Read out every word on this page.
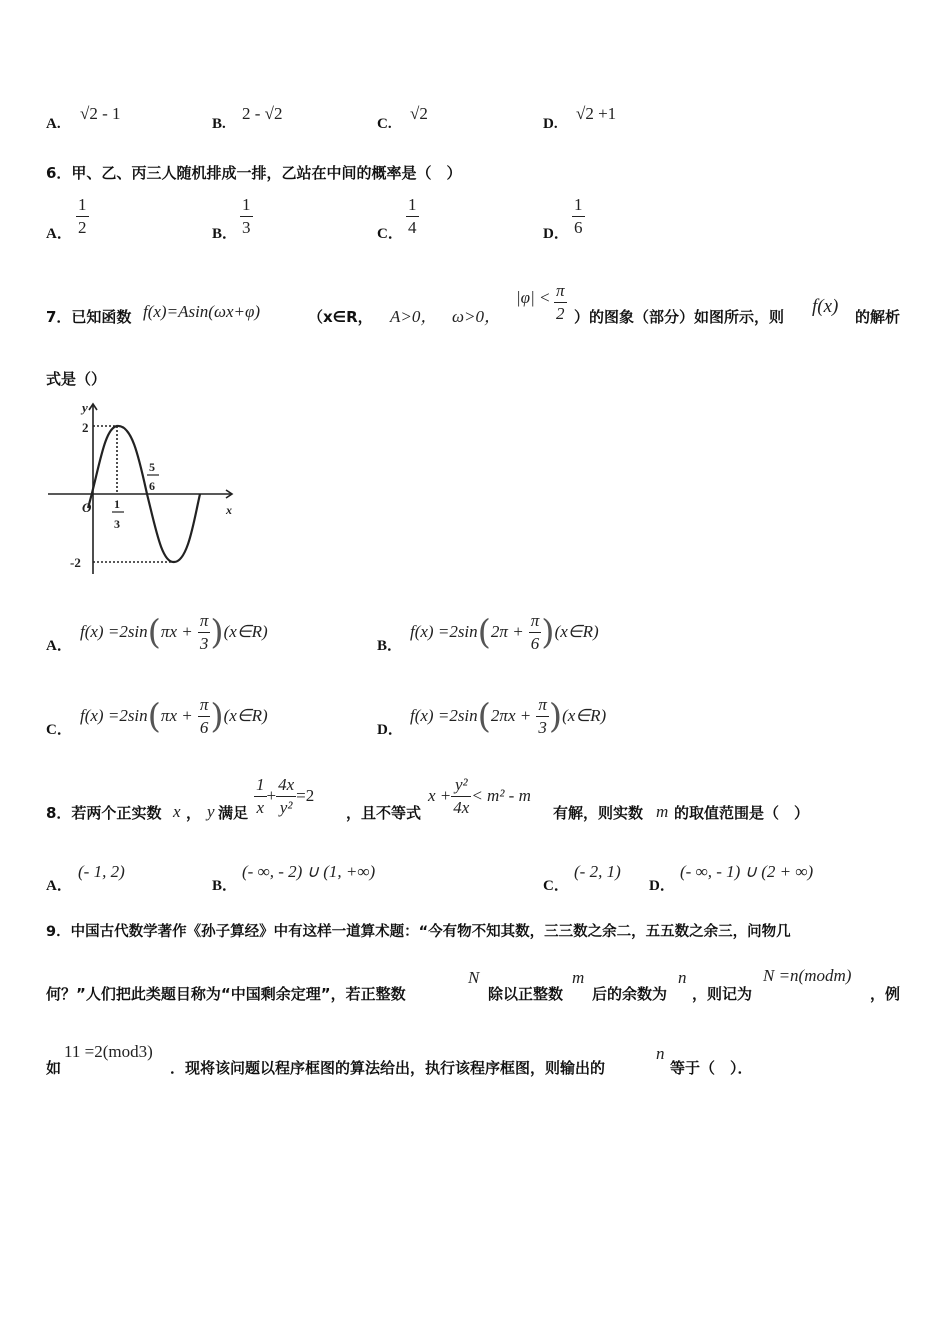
A.
√2 - 1
B.
2 - √2
C.
√2
D.
√2 +1
6．甲、乙、丙三人随机排成一排，乙站在中间的概率是（　）
A． $\frac{1}{2}$	B． $\frac{1}{3}$	C． $\frac{1}{4}$	D． $\frac{1}{6}$
7．已知函数 f(x)=Asin(ωx+φ)	（x∈R， A>0， ω>0，
$|\varphi| < \frac{\pi}{2}$ ）的图象（部分）如图所示，则 f(x) 的解析
式是（）
y
x
O
2
-2
1
3
5
6
A．
$f(x) =2\sin(\pi x + \frac{\pi}{3}$ )(x∈R)
B．
$f(x) =2\sin(2\pi + \frac{\pi}{6}$ )(x∈R)
C．
$f(x) =2\sin(\pi x + \frac{\pi}{6}$ )(x∈R)
D．
$f(x) =2\sin(2\pi x + \frac{\pi}{3}$ )(x∈R)
8．若两个正实数 x ， y 满足 $\frac{1}{x} + \frac{4x}{\text{y²}} =2$
，且不等式
$x + \frac{\text{y²}}{4x} < m^2 - m$
有解，则实数 m 的取值范围是（　）
A．
(- 1, 2)
B．
(- ∞, - 2) ∪ (1, +∞)
C．
(- 2, 1)
D．
(- ∞, - 1) ∪ (2 + ∞)
9．中国古代数学著作《孙子算经》中有这样一道算术题：“今有物不知其数，三三数之余二，五五数之余三，问物几
何？”人们把此类题目称为“中国剩余定理”，若正整数
N
除以正整数
m
后的余数为
n
，则记为
N =n(modm)
，例
如
11 =2(mod3)
．现将该问题以程序框图的算法给出，执行该程序框图，则输出的
n
等于（　）．
